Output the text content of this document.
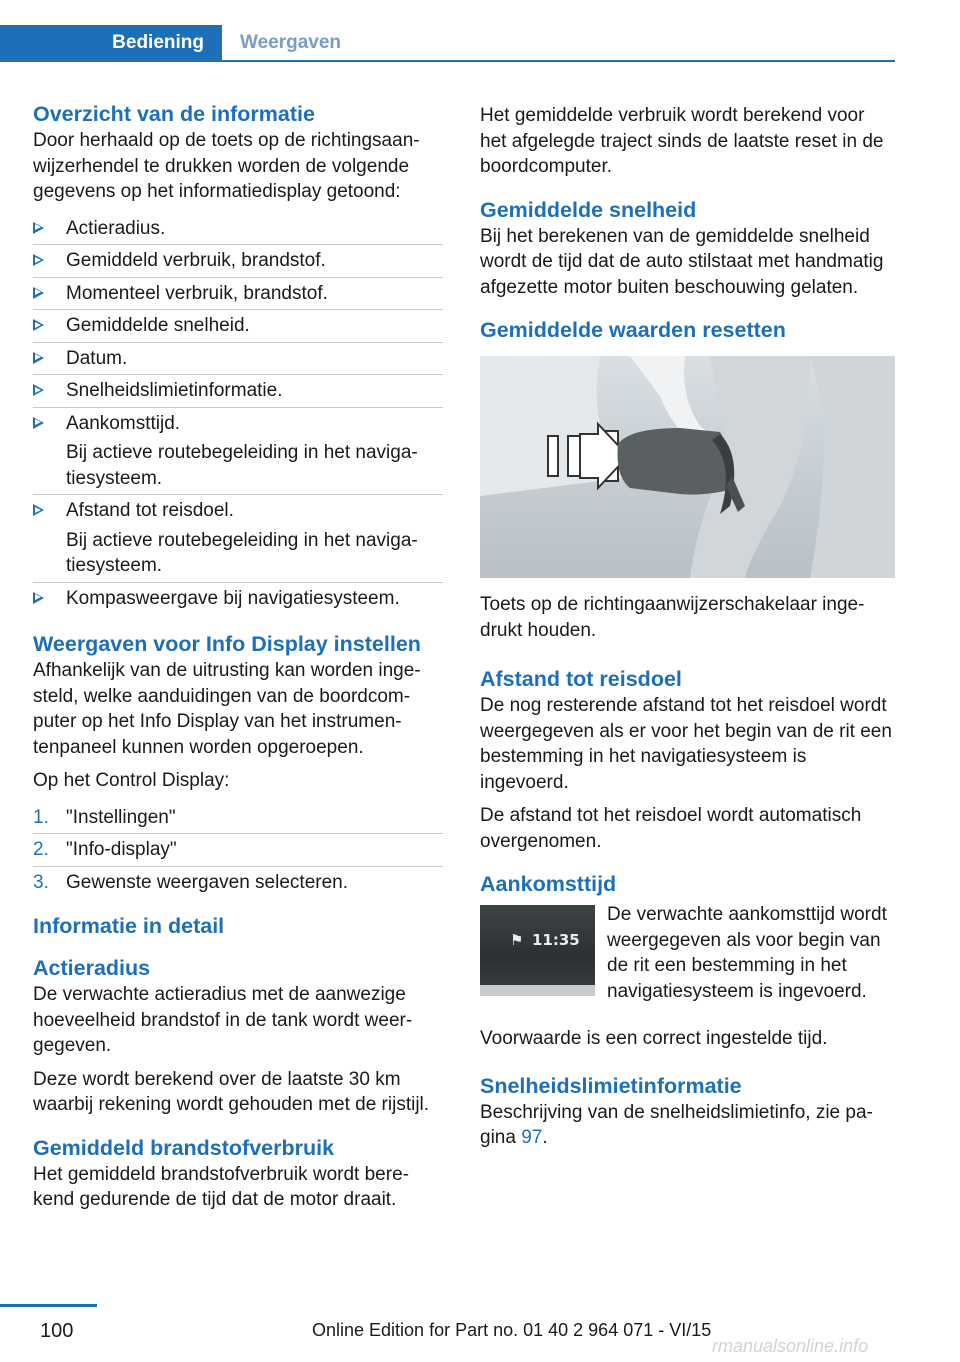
Bediening	Weergaven
Overzicht van de informatie

Door herhaald op de toets op de richtingsaanwijzerhendel te drukken worden de volgende gegevens op het informatiedisplay getoond:

Actieradius.
Gemiddeld verbruik, brandstof.
Momenteel verbruik, brandstof.
Gemiddelde snelheid.
Datum.
Snelheidslimietinformatie.
Aankomsttijd.
Bij actieve routebegeleiding in het navigatiesysteem.
Afstand tot reisdoel.
Bij actieve routebegeleiding in het navigatiesysteem.
Kompasweergave bij navigatiesysteem.
Weergaven voor Info Display instellen

Afhankelijk van de uitrusting kan worden ingesteld, welke aanduidingen van de boordcomputer op het Info Display van het instrumentenpaneel kunnen worden opgeroepen.

Op het Control Display:

1. "Instellingen"
2. "Info-display"
3. Gewenste weergaven selecteren.
Informatie in detail
Actieradius

De verwachte actieradius met de aanwezige hoeveelheid brandstof in de tank wordt weergegeven.

Deze wordt berekend over de laatste 30 km waarbij rekening wordt gehouden met de rijstijl.

Gemiddeld brandstofverbruik

Het gemiddeld brandstofverbruik wordt berekend gedurende de tijd dat de motor draait.

Het gemiddelde verbruik wordt berekend voor het afgelegde traject sinds de laatste reset in de boordcomputer.

Gemiddelde snelheid

Bij het berekenen van de gemiddelde snelheid wordt de tijd dat de auto stilstaat met handmatig afgezette motor buiten beschouwing gelaten.

Gemiddelde waarden resetten

Toets op de richtingaanwijzerschakelaar ingedrukt houden.

Afstand tot reisdoel

De nog resterende afstand tot het reisdoel wordt weergegeven als er voor het begin van de rit een bestemming in het navigatiesysteem is ingevoerd.

De afstand tot het reisdoel wordt automatisch overgenomen.

Aankomsttijd
⚑ 11:35

De verwachte aankomsttijd wordt weergegeven als voor begin van de rit een bestemming in het navigatiesysteem is ingevoerd.

Voorwaarde is een correct ingestelde tijd.

Snelheidslimietinformatie

Beschrijving van de snelheidslimietinfo, zie pagina 97.

100	Online Edition for Part no. 01 40 2 964 071 - VI/15
rmanualsonline.info
